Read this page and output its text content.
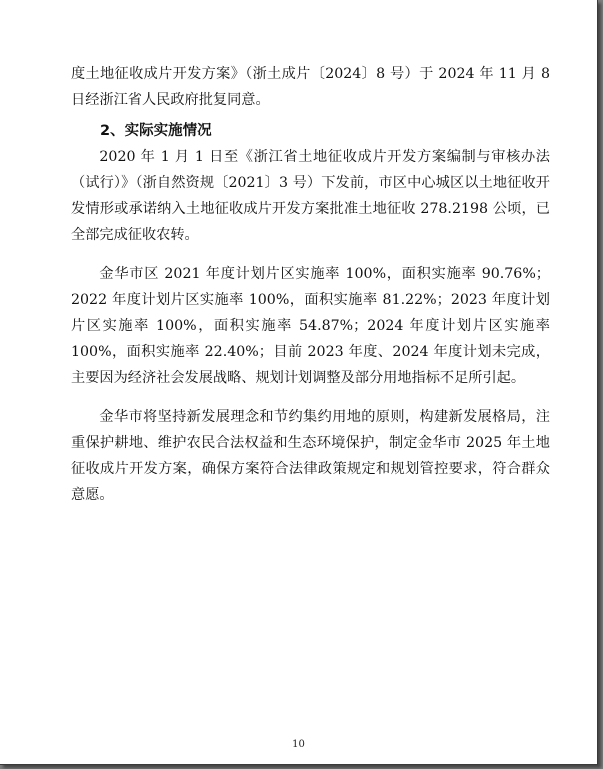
度土地征收成片开发方案》（浙土成片〔2024〕8 号）于 2024 年 11 月 8 日经浙江省人民政府批复同意。

2、实际实施情况

2020 年 1 月 1 日至《浙江省土地征收成片开发方案编制与审核办法（试行）》（浙自然资规〔2021〕3 号）下发前，市区中心城区以土地征收开发情形或承诺纳入土地征收成片开发方案批准土地征收 278.2198 公顷，已全部完成征收农转。

金华市区 2021 年度计划片区实施率 100%，面积实施率 90.76%；2022 年度计划片区实施率 100%，面积实施率 81.22%；2023 年度计划片区实施率 100%，面积实施率 54.87%；2024 年度计划片区实施率 100%，面积实施率 22.40%；目前 2023 年度、2024 年度计划未完成，主要因为经济社会发展战略、规划计划调整及部分用地指标不足所引起。

金华市将坚持新发展理念和节约集约用地的原则，构建新发展格局，注重保护耕地、维护农民合法权益和生态环境保护，制定金华市 2025 年土地征收成片开发方案，确保方案符合法律政策规定和规划管控要求，符合群众意愿。

10
